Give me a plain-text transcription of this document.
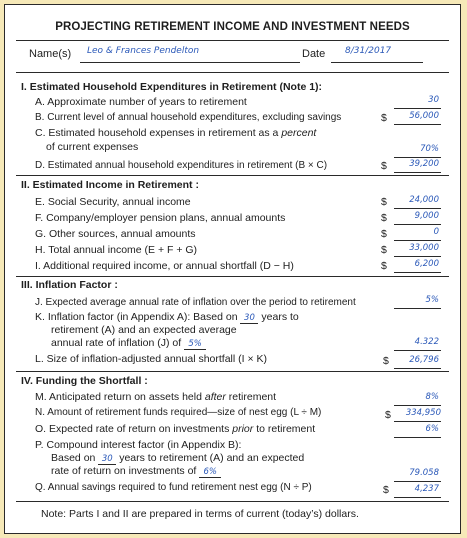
PROJECTING RETIREMENT INCOME AND INVESTMENT NEEDS
Name(s) Leo & Frances Pendelton	Date 8/31/2017
I. Estimated Household Expenditures in Retirement (Note 1):
A. Approximate number of years to retirement	30
B. Current level of annual household expenditures, excluding savings	$	56,000
C. Estimated household expenses in retirement as a percent
of current expenses	70%
D. Estimated annual household expenditures in retirement (B × C)	$	39,200
II. Estimated Income in Retirement :
E. Social Security, annual income	$	24,000
F. Company/employer pension plans, annual amounts	$	9,000
G. Other sources, annual amounts	$	0
H. Total annual income (E + F + G)	$	33,000
I. Additional required income, or annual shortfall (D − H)	$	6,200
III. Inflation Factor :
J. Expected average annual rate of inflation over the period to retirement	5%
K. Inflation factor (in Appendix A): Based on 30 years to
retirement (A) and an expected average
annual rate of inflation (J) of 5%	4.322
L. Size of inflation-adjusted annual shortfall (I × K)	$	26,796
IV. Funding the Shortfall :
M. Anticipated return on assets held after retirement	8%
N. Amount of retirement funds required—size of nest egg (L ÷ M)	$	334,950
O. Expected rate of return on investments prior to retirement	6%
P. Compound interest factor (in Appendix B):
Based on 30 years to retirement (A) and an expected
rate of return on investments of 6%	79.058
Q. Annual savings required to fund retirement nest egg (N ÷ P)	$	4,237
Note: Parts I and II are prepared in terms of current (today’s) dollars.
